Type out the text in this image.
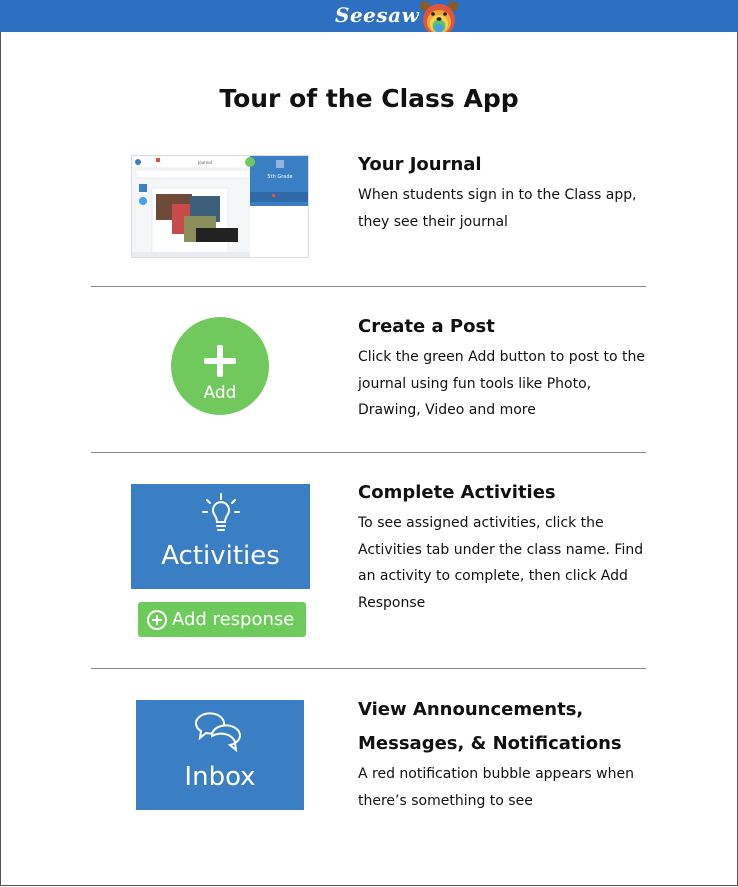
Seesaw
Tour of the Class App
5th Grade
Journal	Your Journal
When students sign in to the Class app, they see their journal
Add
Create a Post
Click the green Add button to post to the journal using fun tools like Photo, Drawing, Video and more
Activities
Add response
Complete Activities
To see assigned activities, click the Activities tab under the class name. Find an activity to complete, then click Add Response
Inbox
View Announcements,
Messages, & Notifications
A red notification bubble appears when there’s something to see
